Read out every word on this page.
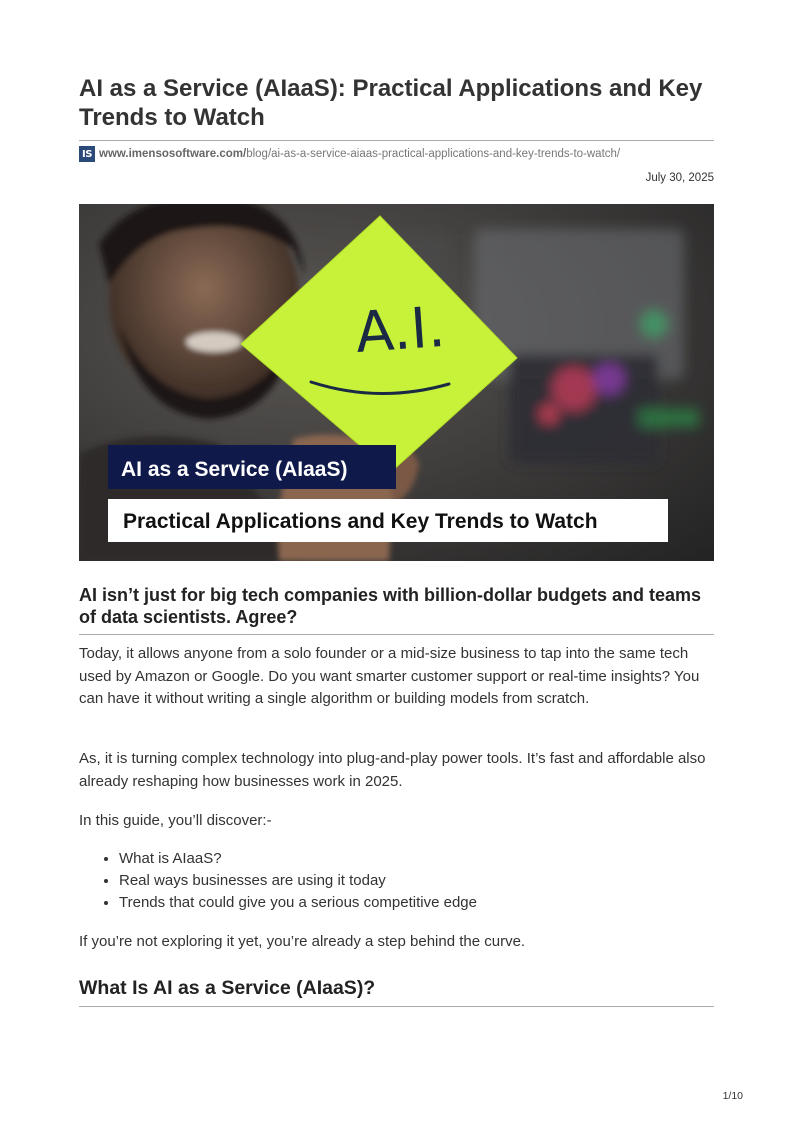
AI as a Service (AIaaS): Practical Applications and Key Trends to Watch
IS www.imensosoftware.com/ blog/ai-as-a-service-aiaas-practical-applications-and-key-trends-to-watch/
July 30, 2025
A.I.
AI as a Service (AIaaS)
Practical Applications and Key Trends to Watch
AI isn’t just for big tech companies with billion-dollar budgets and teams of data scientists. Agree?

Today, it allows anyone from a solo founder or a mid-size business to tap into the same tech used by Amazon or Google. Do you want smarter customer support or real-time insights? You can have it without writing a single algorithm or building models from scratch.

As, it is turning complex technology into plug-and-play power tools. It’s fast and affordable also already reshaping how businesses work in 2025.

In this guide, you’ll discover:-

• What is AIaaS?
• Real ways businesses are using it today
• Trends that could give you a serious competitive edge

If you’re not exploring it yet, you’re already a step behind the curve.

What Is AI as a Service (AIaaS)?
1/10
